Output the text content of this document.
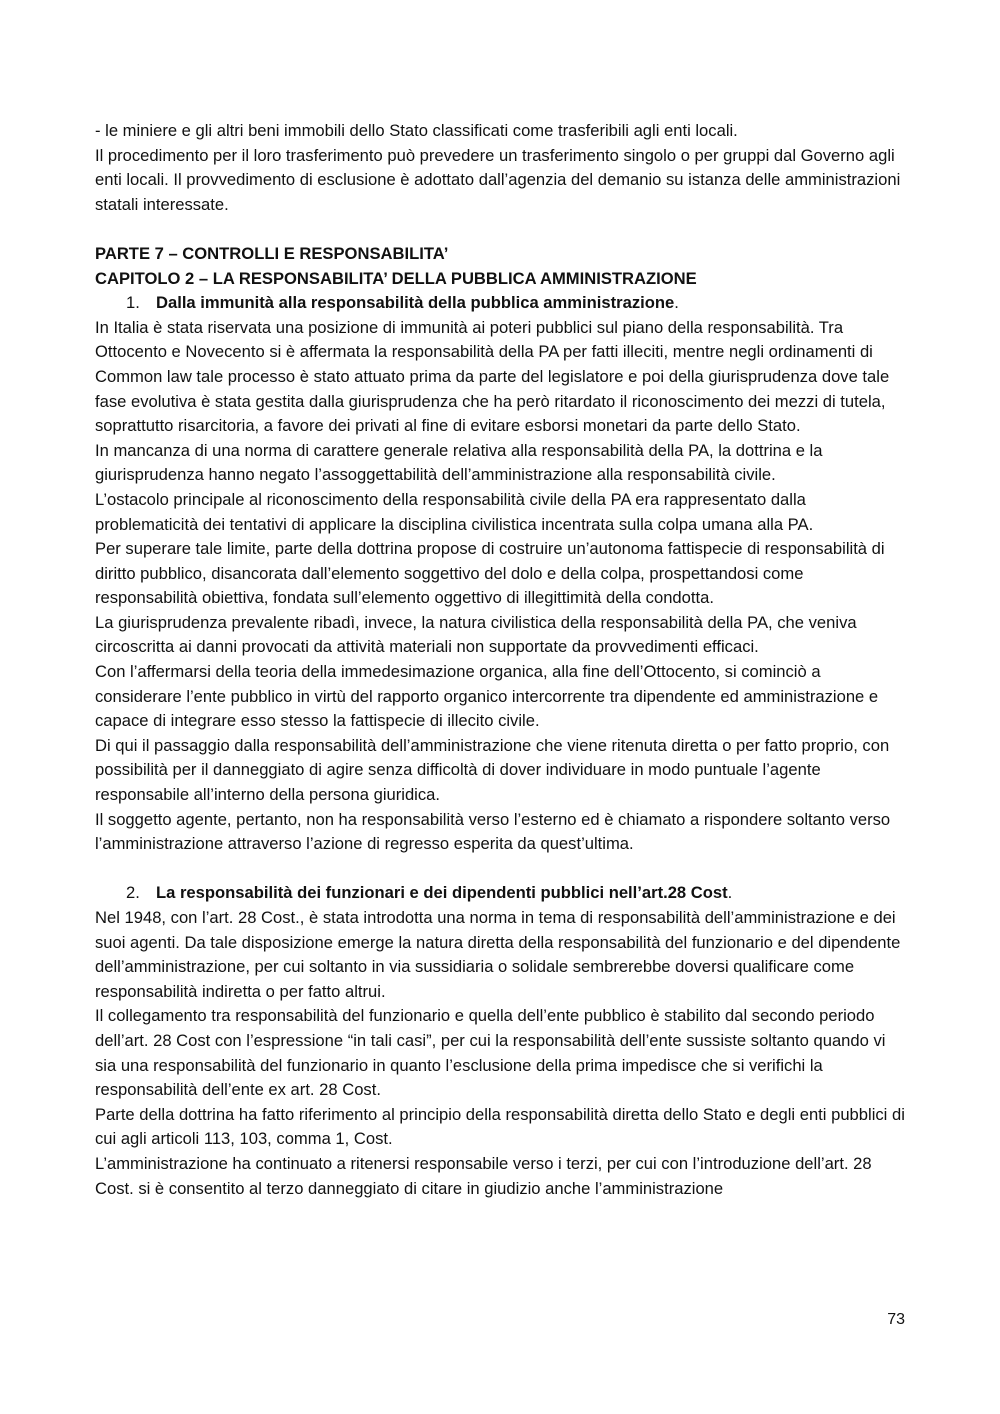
- le miniere e gli altri beni immobili dello Stato classificati come trasferibili agli enti locali.

Il procedimento per il loro trasferimento può prevedere un trasferimento singolo o per gruppi dal Governo agli enti locali. Il provvedimento di esclusione è adottato dall’agenzia del demanio su istanza delle amministrazioni statali interessate.

PARTE 7 – CONTROLLI E RESPONSABILITA’

CAPITOLO 2 – LA RESPONSABILITA’ DELLA PUBBLICA AMMINISTRAZIONE

1. Dalla immunità alla responsabilità della pubblica amministrazione.

In Italia è stata riservata una posizione di immunità ai poteri pubblici sul piano della responsabilità. Tra Ottocento e Novecento si è affermata la responsabilità della PA per fatti illeciti, mentre negli ordinamenti di Common law tale processo è stato attuato prima da parte del legislatore e poi della giurisprudenza dove tale fase evolutiva è stata gestita dalla giurisprudenza che ha però ritardato il riconoscimento dei mezzi di tutela, soprattutto risarcitoria, a favore dei privati al fine di evitare esborsi monetari da parte dello Stato.

In mancanza di una norma di carattere generale relativa alla responsabilità della PA, la dottrina e la giurisprudenza hanno negato l’assoggettabilità dell’amministrazione alla responsabilità civile.

L’ostacolo principale al riconoscimento della responsabilità civile della PA era rappresentato dalla problematicità dei tentativi di applicare la disciplina civilistica incentrata sulla colpa umana alla PA.

Per superare tale limite, parte della dottrina propose di costruire un’autonoma fattispecie di responsabilità di diritto pubblico, disancorata dall’elemento soggettivo del dolo e della colpa, prospettandosi come responsabilità obiettiva, fondata sull’elemento oggettivo di illegittimità della condotta.

La giurisprudenza prevalente ribadì, invece, la natura civilistica della responsabilità della PA, che veniva circoscritta ai danni provocati da attività materiali non supportate da provvedimenti efficaci.

Con l’affermarsi della teoria della immedesimazione organica, alla fine dell’Ottocento, si cominciò a considerare l’ente pubblico in virtù del rapporto organico intercorrente tra dipendente ed amministrazione e capace di integrare esso stesso la fattispecie di illecito civile.

Di qui il passaggio dalla responsabilità dell’amministrazione che viene ritenuta diretta o per fatto proprio, con possibilità per il danneggiato di agire senza difficoltà di dover individuare in modo puntuale l’agente responsabile all’interno della persona giuridica.

Il soggetto agente, pertanto, non ha responsabilità verso l’esterno ed è chiamato a rispondere soltanto verso l’amministrazione attraverso l’azione di regresso esperita da quest’ultima.

2. La responsabilità dei funzionari e dei dipendenti pubblici nell’art.28 Cost.

Nel 1948, con l’art. 28 Cost., è stata introdotta una norma in tema di responsabilità dell’amministrazione e dei suoi agenti. Da tale disposizione emerge la natura diretta della responsabilità del funzionario e del dipendente dell’amministrazione, per cui soltanto in via sussidiaria o solidale sembrerebbe doversi qualificare come responsabilità indiretta o per fatto altrui.

Il collegamento tra responsabilità del funzionario e quella dell’ente pubblico è stabilito dal secondo periodo dell’art. 28 Cost con l’espressione “in tali casi”, per cui la responsabilità dell’ente sussiste soltanto quando vi sia una responsabilità del funzionario in quanto l’esclusione della prima impedisce che si verifichi la responsabilità dell’ente ex art. 28 Cost.

Parte della dottrina ha fatto riferimento al principio della responsabilità diretta dello Stato e degli enti pubblici di cui agli articoli 113, 103, comma 1, Cost.

L’amministrazione ha continuato a ritenersi responsabile verso i terzi, per cui con l’introduzione dell’art. 28 Cost. si è consentito al terzo danneggiato di citare in giudizio anche l’amministrazione

73
